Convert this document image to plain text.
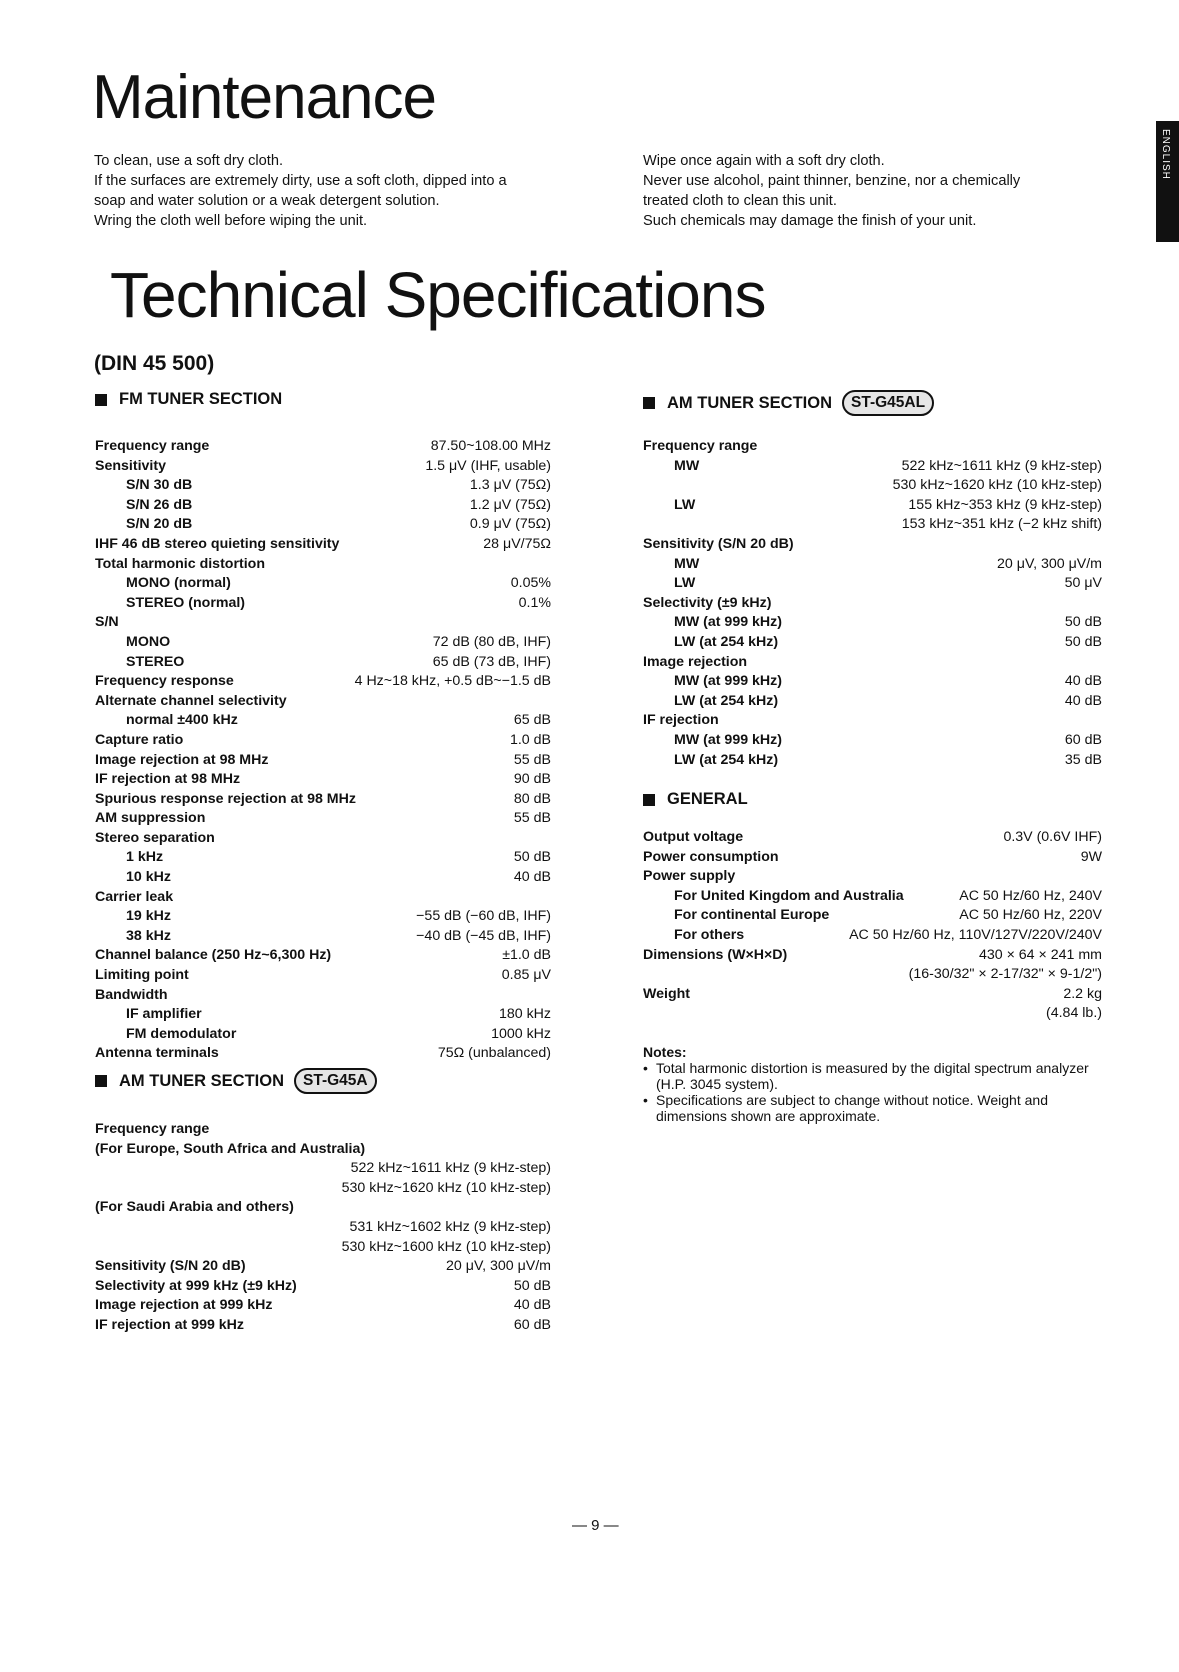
ENGLISH
Maintenance
To clean, use a soft dry cloth.
If the surfaces are extremely dirty, use a soft cloth, dipped into a
soap and water solution or a weak detergent solution.
Wring the cloth well before wiping the unit.
Wipe once again with a soft dry cloth.
Never use alcohol, paint thinner, benzine, nor a chemically
treated cloth to clean this unit.
Such chemicals may damage the finish of your unit.
Technical Specifications
(DIN 45 500)
FM TUNER SECTION
Frequency range	87.50~108.00 MHz
Sensitivity	1.5 μV (IHF, usable)
S/N 30 dB	1.3 μV (75Ω)
S/N 26 dB	1.2 μV (75Ω)
S/N 20 dB	0.9 μV (75Ω)
IHF 46 dB stereo quieting sensitivity	28 μV/75Ω
Total harmonic distortion
MONO (normal)	0.05%
STEREO (normal)	0.1%
S/N
MONO	72 dB (80 dB, IHF)
STEREO	65 dB (73 dB, IHF)
Frequency response	4 Hz~18 kHz, +0.5 dB~−1.5 dB
Alternate channel selectivity
normal ±400 kHz	65 dB
Capture ratio	1.0 dB
Image rejection at 98 MHz	55 dB
IF rejection at 98 MHz	90 dB
Spurious response rejection at 98 MHz	80 dB
AM suppression	55 dB
Stereo separation
1 kHz	50 dB
10 kHz	40 dB
Carrier leak
19 kHz	−55 dB (−60 dB, IHF)
38 kHz	−40 dB (−45 dB, IHF)
Channel balance (250 Hz~6,300 Hz)	±1.0 dB
Limiting point	0.85 μV
Bandwidth
IF amplifier	180 kHz
FM demodulator	1000 kHz
Antenna terminals	75Ω (unbalanced)
AM TUNER SECTION	ST-G45A
Frequency range
(For Europe, South Africa and Australia)
522 kHz~1611 kHz (9 kHz-step)
530 kHz~1620 kHz (10 kHz-step)
(For Saudi Arabia and others)
531 kHz~1602 kHz (9 kHz-step)
530 kHz~1600 kHz (10 kHz-step)
Sensitivity (S/N 20 dB)	20 μV, 300 μV/m
Selectivity at 999 kHz (±9 kHz)	50 dB
Image rejection at 999 kHz	40 dB
IF rejection at 999 kHz	60 dB
AM TUNER SECTION	ST-G45AL
Frequency range
MW	522 kHz~1611 kHz (9 kHz-step)
530 kHz~1620 kHz (10 kHz-step)
LW	155 kHz~353 kHz (9 kHz-step)
153 kHz~351 kHz (−2 kHz shift)
Sensitivity (S/N 20 dB)
MW	20 μV, 300 μV/m
LW	50 μV
Selectivity (±9 kHz)
MW (at 999 kHz)	50 dB
LW (at 254 kHz)	50 dB
Image rejection
MW (at 999 kHz)	40 dB
LW (at 254 kHz)	40 dB
IF rejection
MW (at 999 kHz)	60 dB
LW (at 254 kHz)	35 dB
GENERAL
Output voltage	0.3V (0.6V IHF)
Power consumption	9W
Power supply
For United Kingdom and Australia	AC 50 Hz/60 Hz, 240V
For continental Europe	AC 50 Hz/60 Hz, 220V
For others	AC 50 Hz/60 Hz, 110V/127V/220V/240V
Dimensions (W×H×D)	430 × 64 × 241 mm
(16-30/32" × 2-17/32" × 9-1/2")
Weight	2.2 kg
(4.84 lb.)
Notes:
• Total harmonic distortion is measured by the digital spectrum analyzer (H.P. 3045 system).
• Specifications are subject to change without notice. Weight and dimensions shown are approximate.
— 9 —
